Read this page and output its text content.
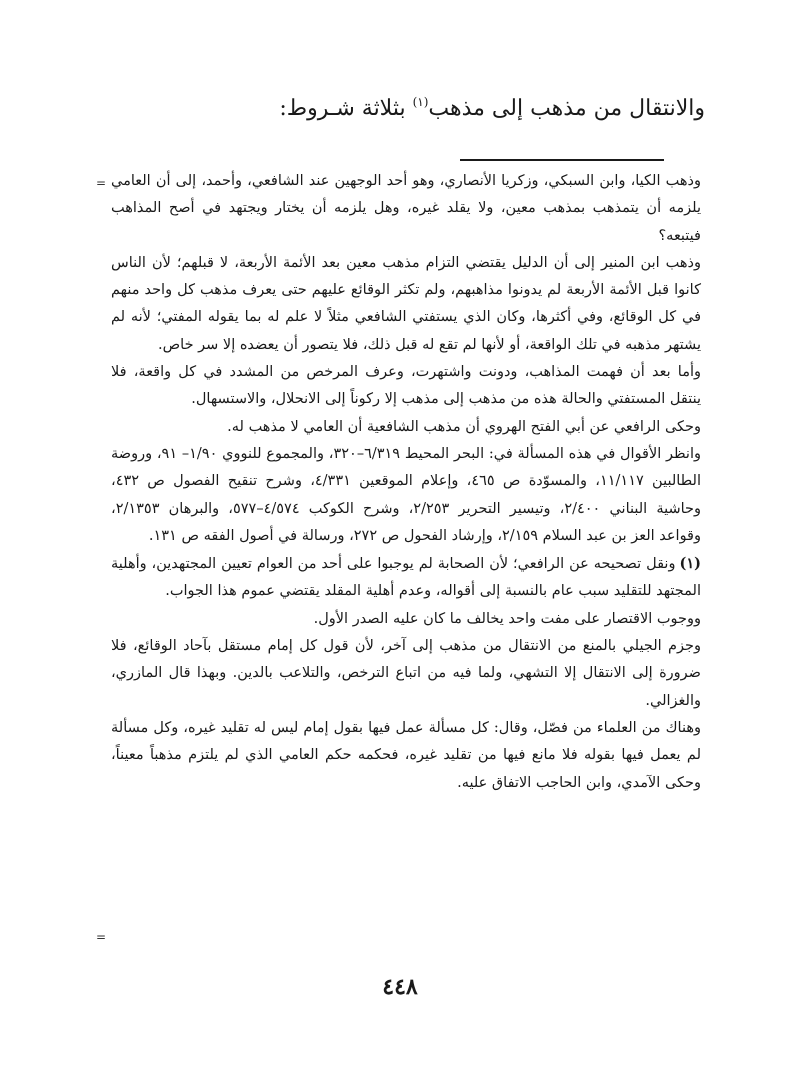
والانتقال من مذهب إلى مذهب$^{(١)}$ بثلاثة شـروط:
= وذهب الكيا، وابن السبكي، وزكريا الأنصاري، وهو أحد الوجهين عند الشافعي، وأحمد، إلى أن العامي يلزمه أن يتمذهب بمذهب معين، ولا يقلد غيره، وهل يلزمه أن يختار ويجتهد في أصح المذاهب فيتبعه؟

وذهب ابن المنير إلى أن الدليل يقتضي التزام مذهب معين بعد الأئمة الأربعة، لا قبلهم؛ لأن الناس كانوا قبل الأئمة الأربعة لم يدونوا مذاهبهم، ولم تكثر الوقائع عليهم حتى يعرف مذهب كل واحد منهم في كل الوقائع، وفي أكثرها، وكان الذي يستفتي الشافعي مثلاً لا علم له بما يقوله المفتي؛ لأنه لم يشتهر مذهبه في تلك الواقعة، أو لأنها لم تقع له قبل ذلك، فلا يتصور أن يعضده إلا سر خاص.

وأما بعد أن فهمت المذاهب، ودونت واشتهرت، وعرف المرخص من المشدد في كل واقعة، فلا ينتقل المستفتي والحالة هذه من مذهب إلى مذهب إلا ركوناً إلى الانحلال، والاستسهال.

وحكى الرافعي عن أبي الفتح الهروي أن مذهب الشافعية أن العامي لا مذهب له.

وانظر الأقوال في هذه المسألة في: البحر المحيط ٦/٣١٩–٣٢٠، والمجموع للنووي ١/٩٠– ٩١، وروضة الطالبين ١١/١١٧، والمسوّدة ص ٤٦٥، وإعلام الموقعين ٤/٣٣١، وشرح تنقيح الفصول ص ٤٣٢، وحاشية البناني ٢/٤٠٠، وتيسير التحرير ٢/٢٥٣، وشرح الكوكب ٤/٥٧٤–٥٧٧، والبرهان ٢/١٣٥٣، وقواعد العز بن عبد السلام ٢/١٥٩، وإرشاد الفحول ص ٢٧٢، ورسالة في أصول الفقه ص ١٣١.

(١)ونقل تصحيحه عن الرافعي؛ لأن الصحابة لم يوجبوا على أحد من العوام تعيين المجتهدين، وأهلية المجتهد للتقليد سبب عام بالنسبة إلى أقواله، وعدم أهلية المقلد يقتضي عموم هذا الجواب.

ووجوب الاقتصار على مفت واحد يخالف ما كان عليه الصدر الأول.

وجزم الجيلي بالمنع من الانتقال من مذهب إلى آخر، لأن قول كل إمام مستقل بآحاد الوقائع، فلا ضرورة إلى الانتقال إلا التشهي، ولما فيه من اتباع الترخص، والتلاعب بالدين. وبهذا قال المازري، والغزالي.

وهناك من العلماء من فصّل، وقال: كل مسألة عمل فيها بقول إمام ليس له تقليد غيره، وكل مسألة لم يعمل فيها بقوله فلا مانع فيها من تقليد غيره، فحكمه حكم العامي الذي لم يلتزم مذهباً معيناً، وحكى الآمدي، وابن الحاجب الاتفاق عليه.

=
٤٤٨
